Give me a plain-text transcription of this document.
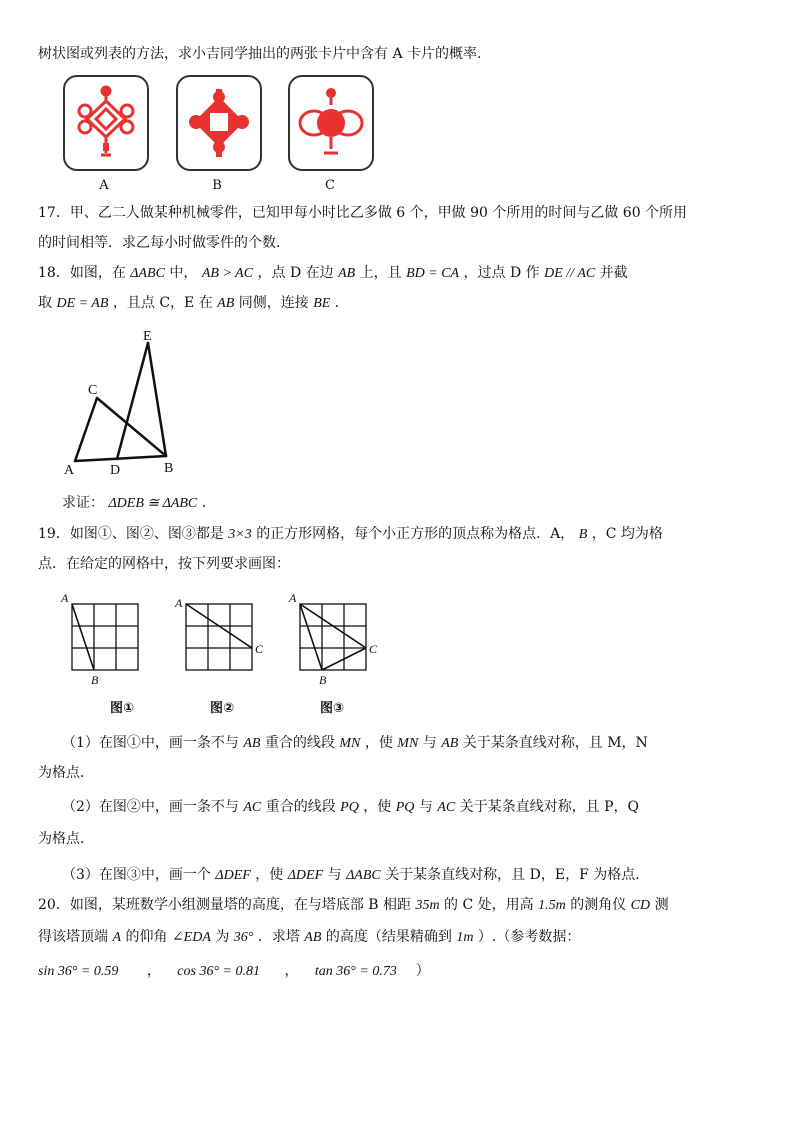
树状图或列表的方法，求小吉同学抽出的两张卡片中含有 A 卡片的概率.
A	B	C
17．甲、乙二人做某种机械零件，已知甲每小时比乙多做 6 个，甲做 90 个所用的时间与乙做 60 个所用
的时间相等．求乙每小时做零件的个数．
18．如图，在 ΔABC 中， AB > AC ，点 D 在边 AB 上，且 BD = CA ，过点 D 作 DE // AC 并截
取 DE = AB ，且点 C，E 在 AB 同侧，连接 BE ．
A	D	B
C
E
求证： ΔDEB ≅ ΔABC ．
19．如图①、图②、图③都是 3×3 的正方形网格，每个小正方形的顶点称为格点．A， B ，C 均为格
点．在给定的网格中，按下列要求画图：
A
B
图①
A
C
图②
A
B
C
图③
（1）在图①中，画一条不与 AB 重合的线段 MN ，使 MN 与 AB 关于某条直线对称，且 M，N
为格点．
（2）在图②中，画一条不与 AC 重合的线段 PQ ，使 PQ 与 AC 关于某条直线对称，且 P，Q
为格点．
（3）在图③中，画一个 ΔDEF ，使 ΔDEF 与 ΔABC 关于某条直线对称，且 D，E，F 为格点．
20．如图，某班数学小组测量塔的高度，在与塔底部 B 相距 35m 的 C 处，用高 1.5m 的测角仪 CD 测
得该塔顶端 A 的仰角 ∠EDA 为 36° ．求塔 AB 的高度（结果精确到 1m ）.（参考数据：
sin 36° = 0.59 ， cos 36° = 0.81 ， tan 36° = 0.73 ）
